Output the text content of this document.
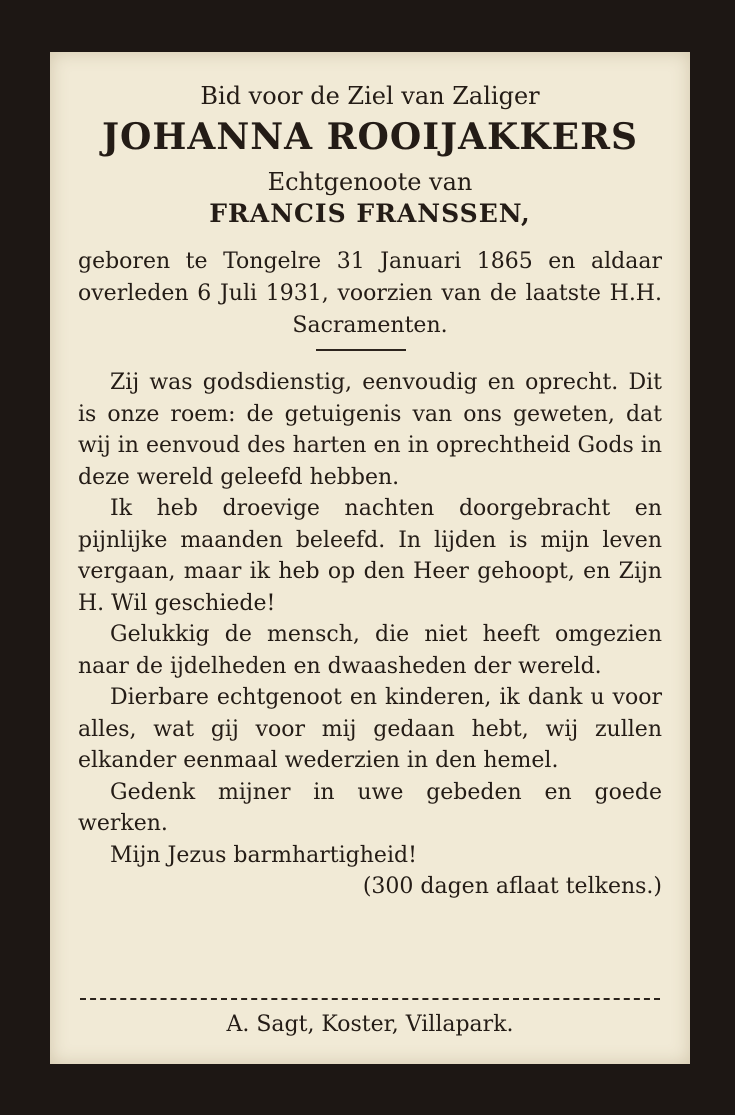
Bid voor de Ziel van Zaliger
JOHANNA ROOIJAKKERS
Echtgenoote van
FRANCIS FRANSSEN,

geboren te Tongelre 31 Januari 1865 en aldaar overleden 6 Juli 1931, voorzien van de laatste H.H. Sacramenten.

Zij was godsdienstig, eenvoudig en oprecht. Dit is onze roem: de getuigenis van ons geweten, dat wij in eenvoud des harten en in oprechtheid Gods in deze wereld geleefd hebben.

Ik heb droevige nachten doorgebracht en pijnlijke maanden beleefd. In lijden is mijn leven vergaan, maar ik heb op den Heer gehoopt, en Zijn H. Wil geschiede!

Gelukkig de mensch, die niet heeft omgezien naar de ijdelheden en dwaasheden der wereld.

Dierbare echtgenoot en kinderen, ik dank u voor alles, wat gij voor mij gedaan hebt, wij zullen elkander eenmaal wederzien in den hemel.

Gedenk mijner in uwe gebeden en goede werken.

Mijn Jezus barmhartigheid!

(300 dagen aflaat telkens.)

A. Sagt, Koster, Villapark.
